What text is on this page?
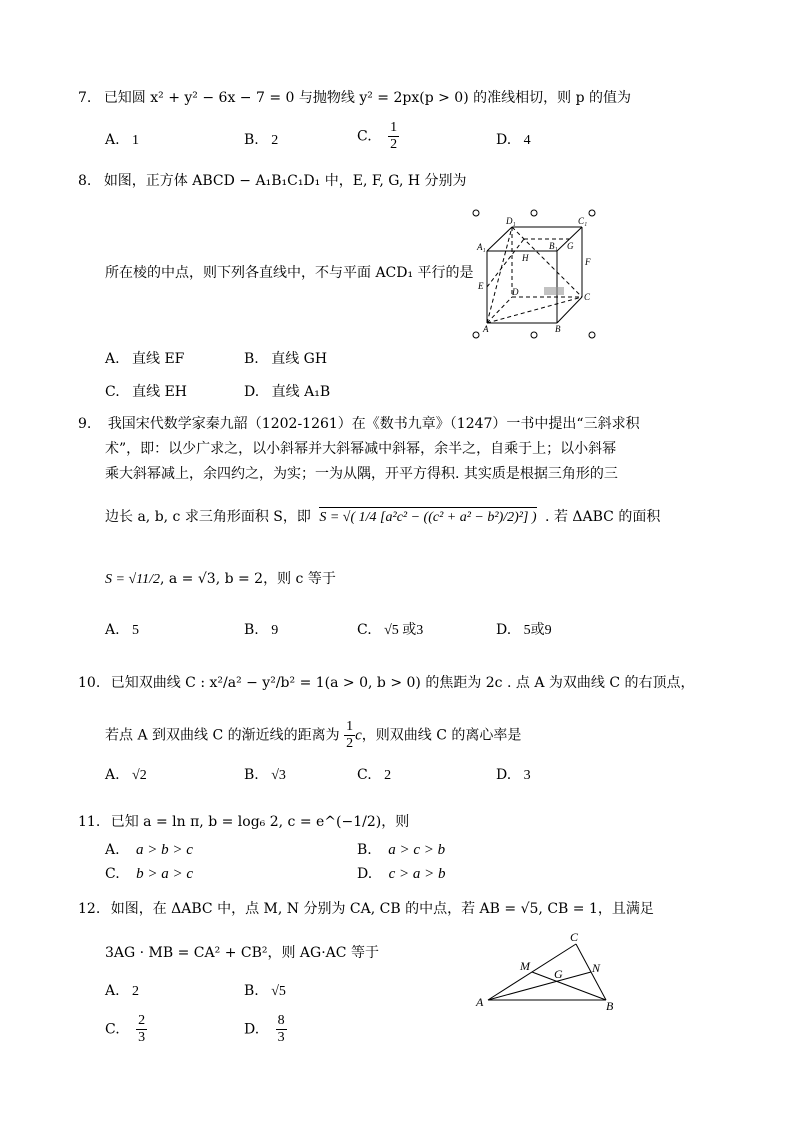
7. 已知圆 x² + y² − 6x − 7 = 0 与抛物线 y² = 2px(p > 0) 的准线相切，则 p 的值为
A. 1	B. 2	C. $\frac{1}{2}$	D. 4
8. 如图，正方体 ABCD − A₁B₁C₁D₁ 中，E, F, G, H 分别为
所在棱的中点，则下列各直线中，不与平面 ACD₁ 平行的是
D₁	C₁
A₁	B₁ G
H	F
E
D	C
A	B
A. 直线 EF	B. 直线 GH
C. 直线 EH	D. 直线 A₁B
9. 我国宋代数学家秦九韶（1202-1261）在《数书九章》（1247）一书中提出“三斜求积
术”，即：以少广求之，以小斜幂并大斜幂减中斜幂，余半之，自乘于上；以小斜幂
乘大斜幂减上，余四约之，为实；一为从隅，开平方得积. 其实质是根据三角形的三
边长 a, b, c 求三角形面积 S，即 S = √( 1/4 [a²c² − ((c² + a² − b²)/2)²] ) . 若 ΔABC 的面积
S = √11/2, a = √3, b = 2，则 c 等于
A. 5	B. 9	C. √5 或3	D. 5或9
10. 已知双曲线 C : x²/a² − y²/b² = 1(a > 0, b > 0) 的焦距为 2c . 点 A 为双曲线 C 的右顶点，
若点 A 到双曲线 C 的渐近线的距离为 $\frac{1}{2}$ c，则双曲线 C 的离心率是
A. √2	B. √3	C. 2	D. 3
11. 已知 a = ln π, b = log₆ 2, c = e^(−1/2)，则
A. a > b > c	B. a > c > b
C. b > a > c	D. c > a > b
12. 如图，在 ΔABC 中，点 M, N 分别为 CA, CB 的中点，若 AB = √5, CB = 1，且满足
3AG · MB = CA² + CB²，则 AG·AC 等于
C
M
G N
A	B
A. 2	B. √5
C. $\frac{2}{3}$	D. $\frac{8}{3}$
